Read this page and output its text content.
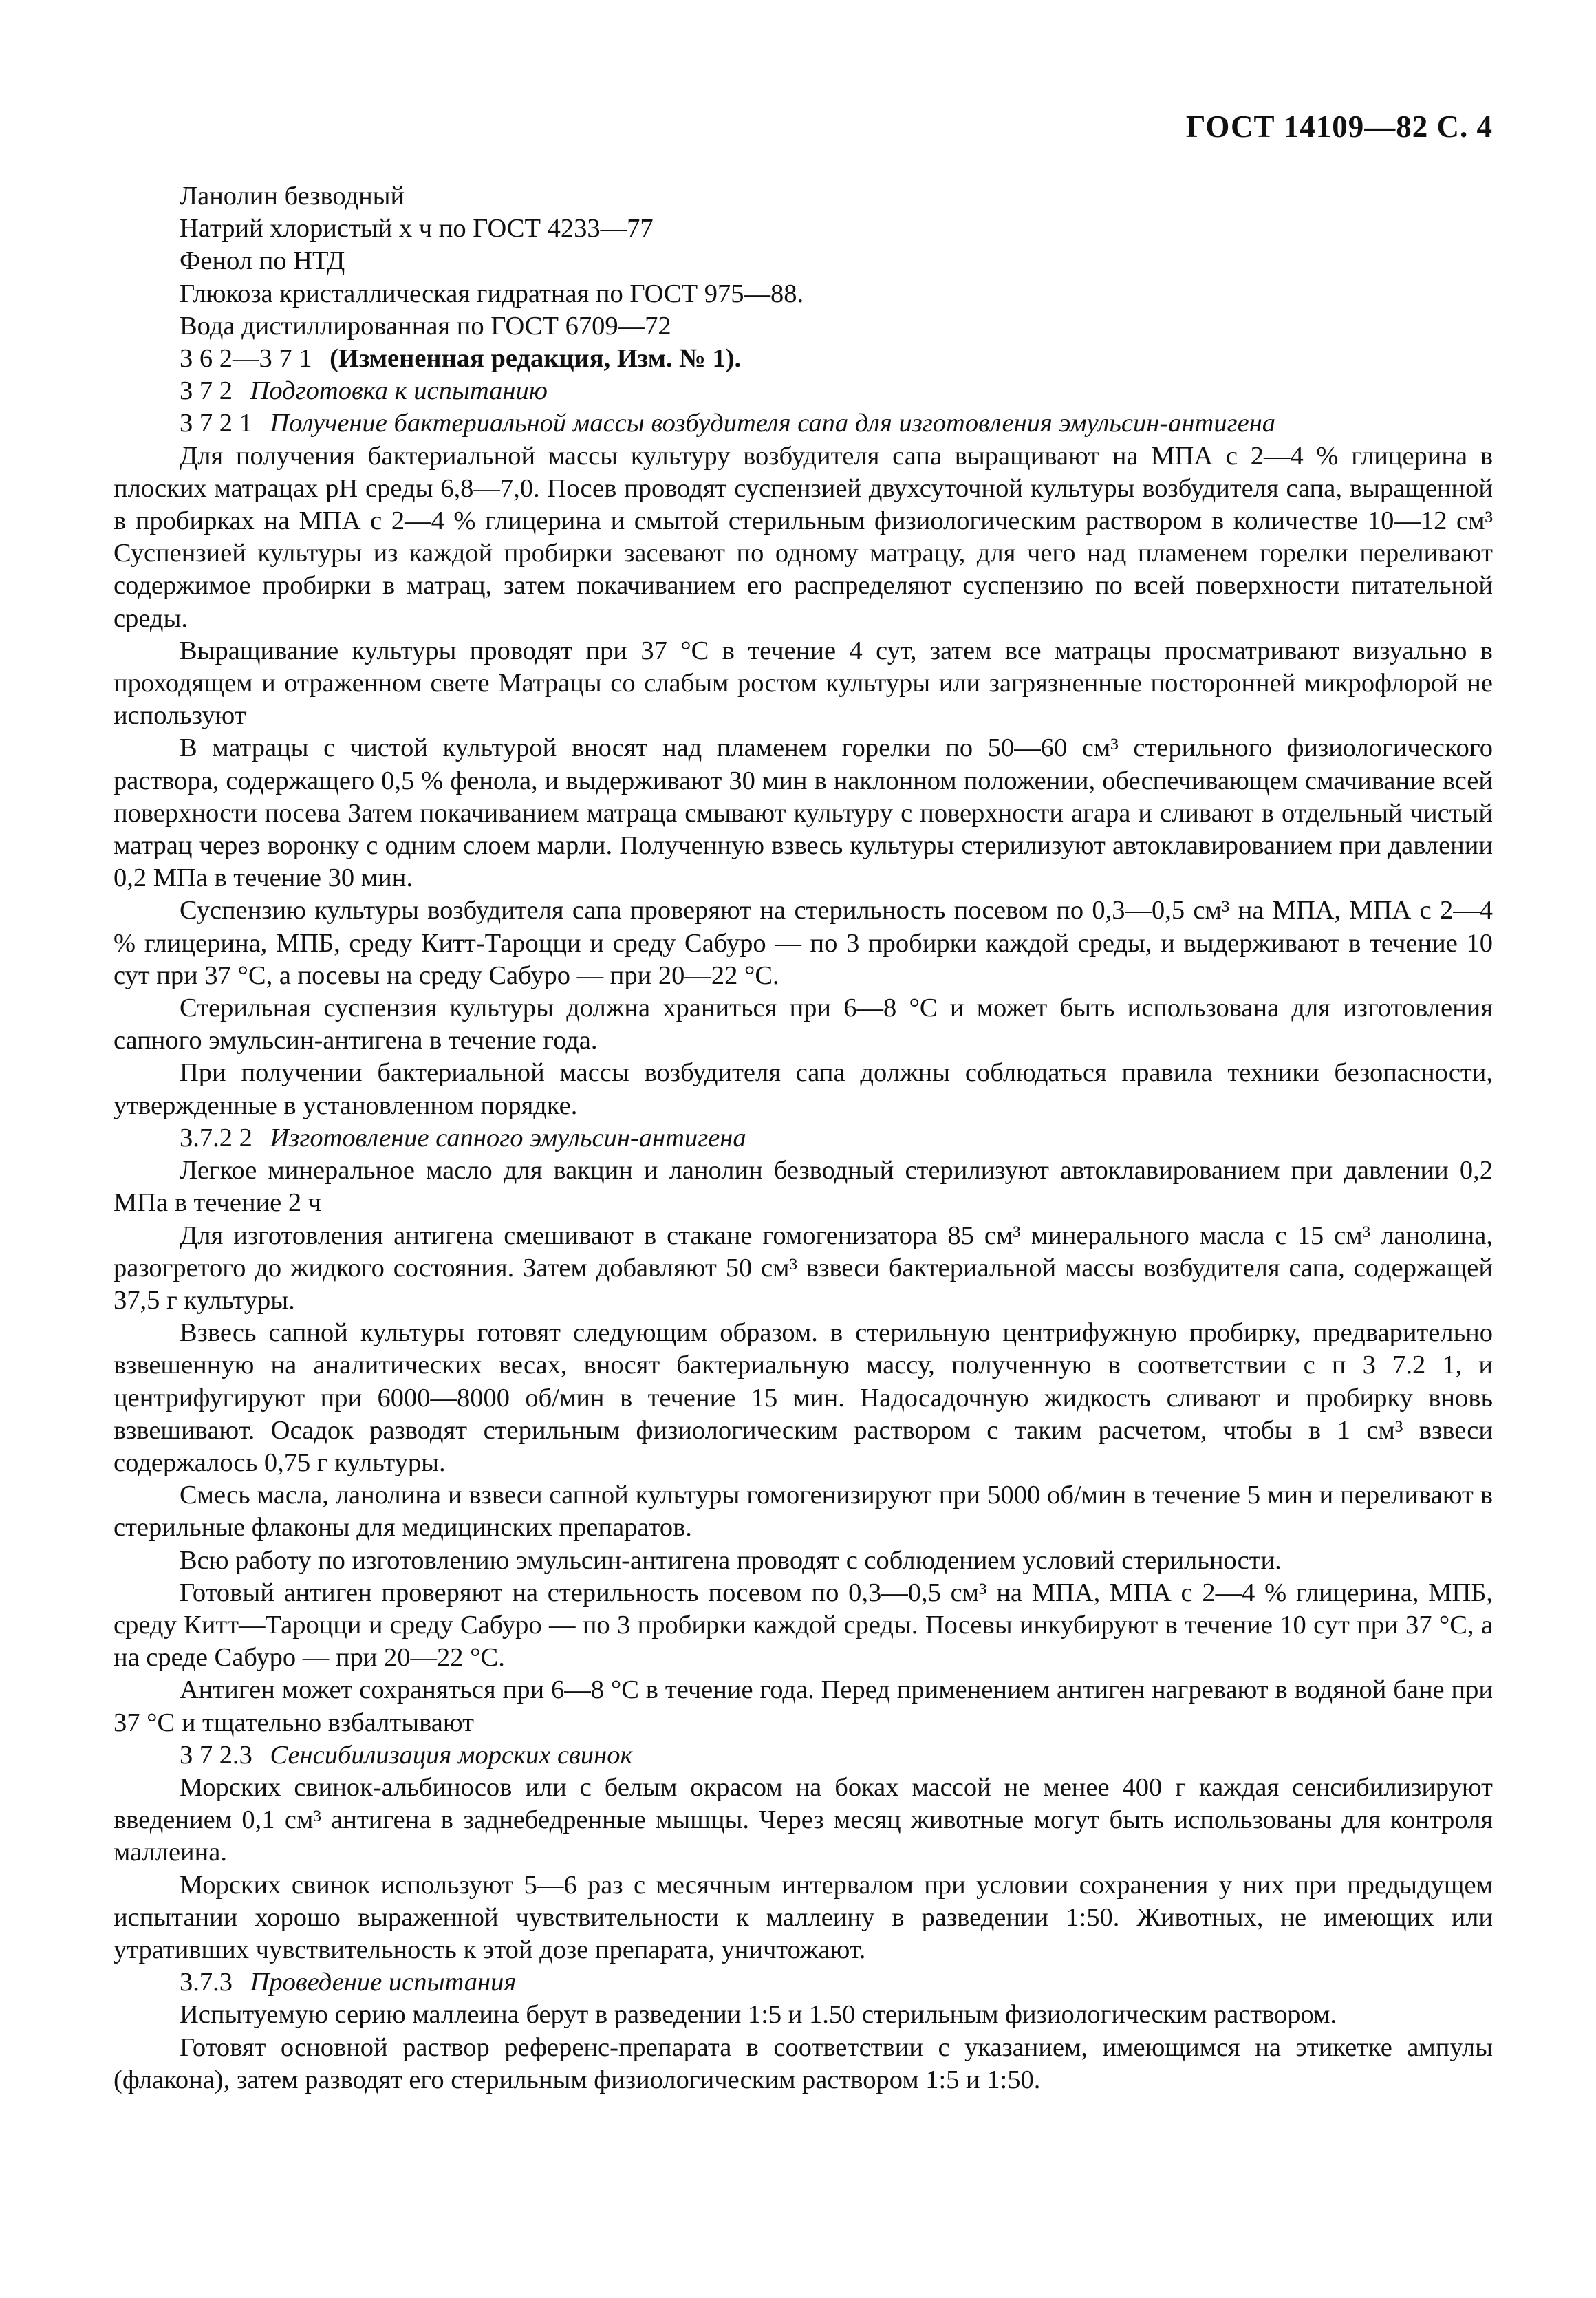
ГОСТ 14109—82 С. 4
Ланолин безводный
Натрий хлористый х ч по ГОСТ 4233—77
Фенол по НТД
Глюкоза кристаллическая гидратная по ГОСТ 975—88.
Вода дистиллированная по ГОСТ 6709—72
3 6 2—3 7 1 (Измененная редакция, Изм. № 1).
3 7 2 Подготовка к испытанию
3 7 2 1 Получение бактериальной массы возбудителя сапа для изготовления эмульсин-антигена

Для получения бактериальной массы культуру возбудителя сапа выращивают на МПА с 2—4 % глицерина в плоских матрацах рН среды 6,8—7,0. Посев проводят суспензией двухсуточной культуры возбудителя сапа, выращенной в пробирках на МПА с 2—4 % глицерина и смытой стерильным физиологическим раствором в количестве 10—12 см³ Суспензией культуры из каждой пробирки засевают по одному матрацу, для чего над пламенем горелки переливают содержимое пробирки в матрац, затем покачиванием его распределяют суспензию по всей поверхности питательной среды.

Выращивание культуры проводят при 37 °С в течение 4 сут, затем все матрацы просматривают визуально в проходящем и отраженном свете Матрацы со слабым ростом культуры или загрязненные посторонней микрофлорой не используют

В матрацы с чистой культурой вносят над пламенем горелки по 50—60 см³ стерильного физиологического раствора, содержащего 0,5 % фенола, и выдерживают 30 мин в наклонном положении, обеспечивающем смачивание всей поверхности посева Затем покачиванием матраца смывают культуру с поверхности агара и сливают в отдельный чистый матрац через воронку с одним слоем марли. Полученную взвесь культуры стерилизуют автоклавированием при давлении 0,2 МПа в течение 30 мин.

Суспензию культуры возбудителя сапа проверяют на стерильность посевом по 0,3—0,5 см³ на МПА, МПА с 2—4 % глицерина, МПБ, среду Китт-Тароцци и среду Сабуро — по 3 пробирки каждой среды, и выдерживают в течение 10 сут при 37 °С, а посевы на среду Сабуро — при 20—22 °С.

Стерильная суспензия культуры должна храниться при 6—8 °С и может быть использована для изготовления сапного эмульсин-антигена в течение года.

При получении бактериальной массы возбудителя сапа должны соблюдаться правила техники безопасности, утвержденные в установленном порядке.

3.7.2 2 Изготовление сапного эмульсин-антигена

Легкое минеральное масло для вакцин и ланолин безводный стерилизуют автоклавированием при давлении 0,2 МПа в течение 2 ч

Для изготовления антигена смешивают в стакане гомогенизатора 85 см³ минерального масла с 15 см³ ланолина, разогретого до жидкого состояния. Затем добавляют 50 см³ взвеси бактериальной массы возбудителя сапа, содержащей 37,5 г культуры.

Взвесь сапной культуры готовят следующим образом. в стерильную центрифужную пробирку, предварительно взвешенную на аналитических весах, вносят бактериальную массу, полученную в соответствии с п 3 7.2 1, и центрифугируют при 6000—8000 об/мин в течение 15 мин. Надосадочную жидкость сливают и пробирку вновь взвешивают. Осадок разводят стерильным физиологическим раствором с таким расчетом, чтобы в 1 см³ взвеси содержалось 0,75 г культуры.

Смесь масла, ланолина и взвеси сапной культуры гомогенизируют при 5000 об/мин в течение 5 мин и переливают в стерильные флаконы для медицинских препаратов.

Всю работу по изготовлению эмульсин-антигена проводят с соблюдением условий стерильности.

Готовый антиген проверяют на стерильность посевом по 0,3—0,5 см³ на МПА, МПА с 2—4 % глицерина, МПБ, среду Китт—Тароцци и среду Сабуро — по 3 пробирки каждой среды. Посевы инкубируют в течение 10 сут при 37 °С, а на среде Сабуро — при 20—22 °С.

Антиген может сохраняться при 6—8 °С в течение года. Перед применением антиген нагревают в водяной бане при 37 °С и тщательно взбалтывают

3 7 2.3 Сенсибилизация морских свинок

Морских свинок-альбиносов или с белым окрасом на боках массой не менее 400 г каждая сенсибилизируют введением 0,1 см³ антигена в заднебедренные мышцы. Через месяц животные могут быть использованы для контроля маллеина.

Морских свинок используют 5—6 раз с месячным интервалом при условии сохранения у них при предыдущем испытании хорошо выраженной чувствительности к маллеину в разведении 1:50. Животных, не имеющих или утративших чувствительность к этой дозе препарата, уничтожают.

3.7.3 Проведение испытания

Испытуемую серию маллеина берут в разведении 1:5 и 1.50 стерильным физиологическим раствором.

Готовят основной раствор референс-препарата в соответствии с указанием, имеющимся на этикетке ампулы (флакона), затем разводят его стерильным физиологическим раствором 1:5 и 1:50.
